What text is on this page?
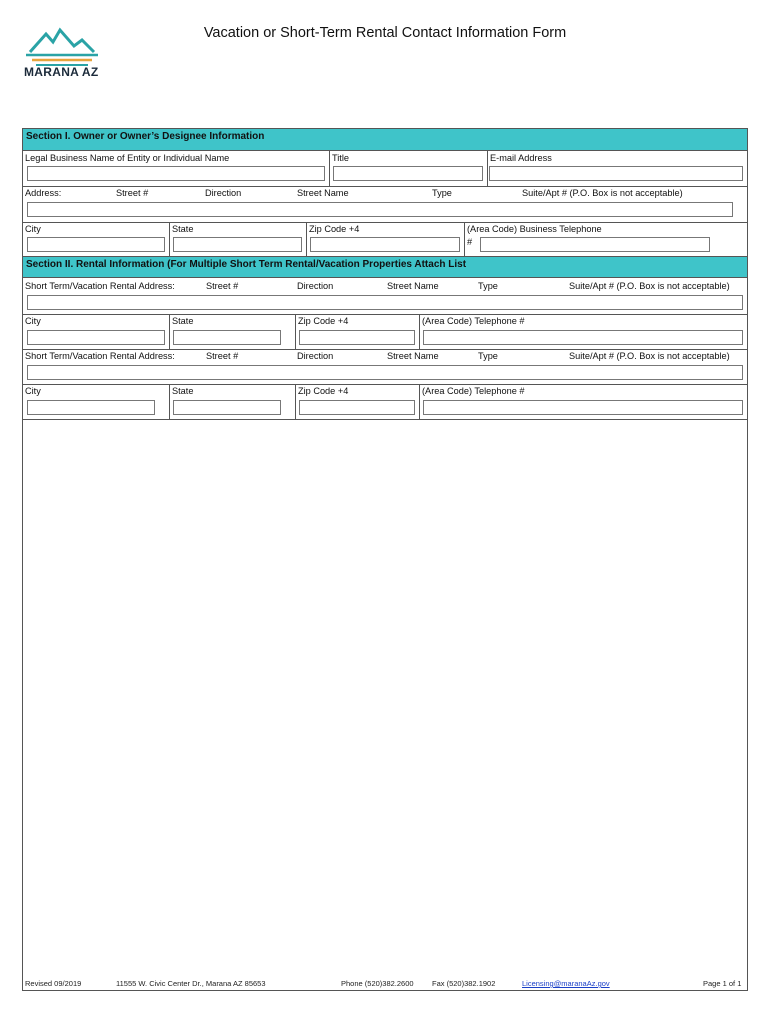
MARANA AZ
Vacation or Short-Term Rental Contact Information Form
Section I. Owner or Owner’s Designee Information
Legal Business Name of Entity or Individual Name	Title	E-mail Address
Address:	Street #	Direction	Street Name	Type	Suite/Apt # (P.O. Box is not acceptable)
City	State	Zip Code +4	(Area Code) Business Telephone
#
Section II. Rental Information (For Multiple Short Term Rental/Vacation Properties Attach List
Short Term/Vacation Rental Address:	Street #	Direction	Street Name	Type	Suite/Apt # (P.O. Box is not acceptable)
City	State	Zip Code +4	(Area Code) Telephone #
Short Term/Vacation Rental Address:	Street #	Direction	Street Name	Type	Suite/Apt # (P.O. Box is not acceptable)
City	State	Zip Code +4	(Area Code) Telephone #
Revised 09/2019	11555 W. Civic Center Dr., Marana AZ 85653	Phone (520)382.2600 Fax (520)382.1902	Licensing@maranaAz.gov	Page 1 of 1
